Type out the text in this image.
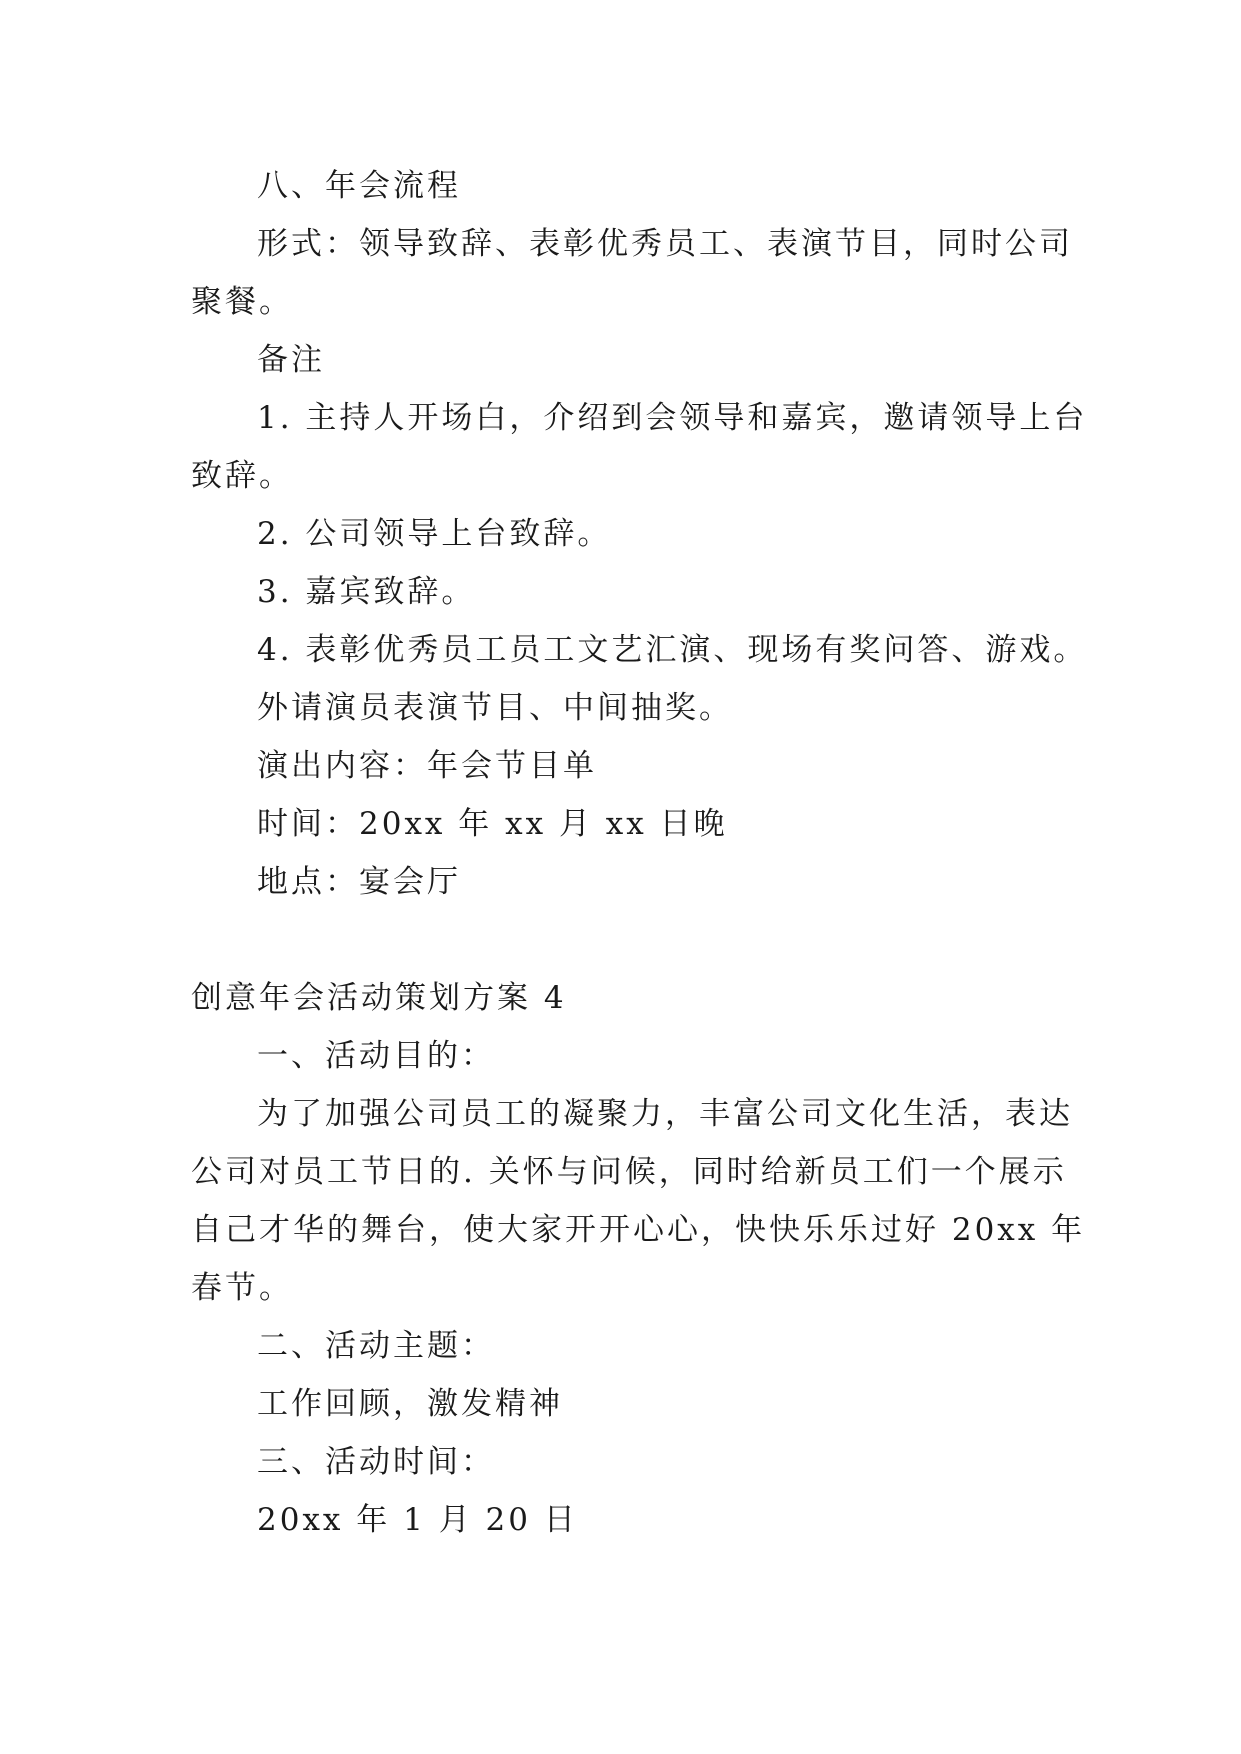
八、年会流程
形式：领导致辞、表彰优秀员工、表演节目，同时公司
聚餐。
备注
1. 主持人开场白，介绍到会领导和嘉宾，邀请领导上台
致辞。
2. 公司领导上台致辞。
3. 嘉宾致辞。
4. 表彰优秀员工员工文艺汇演、现场有奖问答、游戏。
外请演员表演节目、中间抽奖。
演出内容：年会节目单
时间：20xx 年 xx 月 xx 日晚
地点：宴会厅
创意年会活动策划方案 4
一、活动目的：
为了加强公司员工的凝聚力，丰富公司文化生活，表达
公司对员工节日的. 关怀与问候，同时给新员工们一个展示
自己才华的舞台，使大家开开心心，快快乐乐过好 20xx 年
春节。
二、活动主题：
工作回顾，激发精神
三、活动时间：
20xx 年 1 月 20 日
